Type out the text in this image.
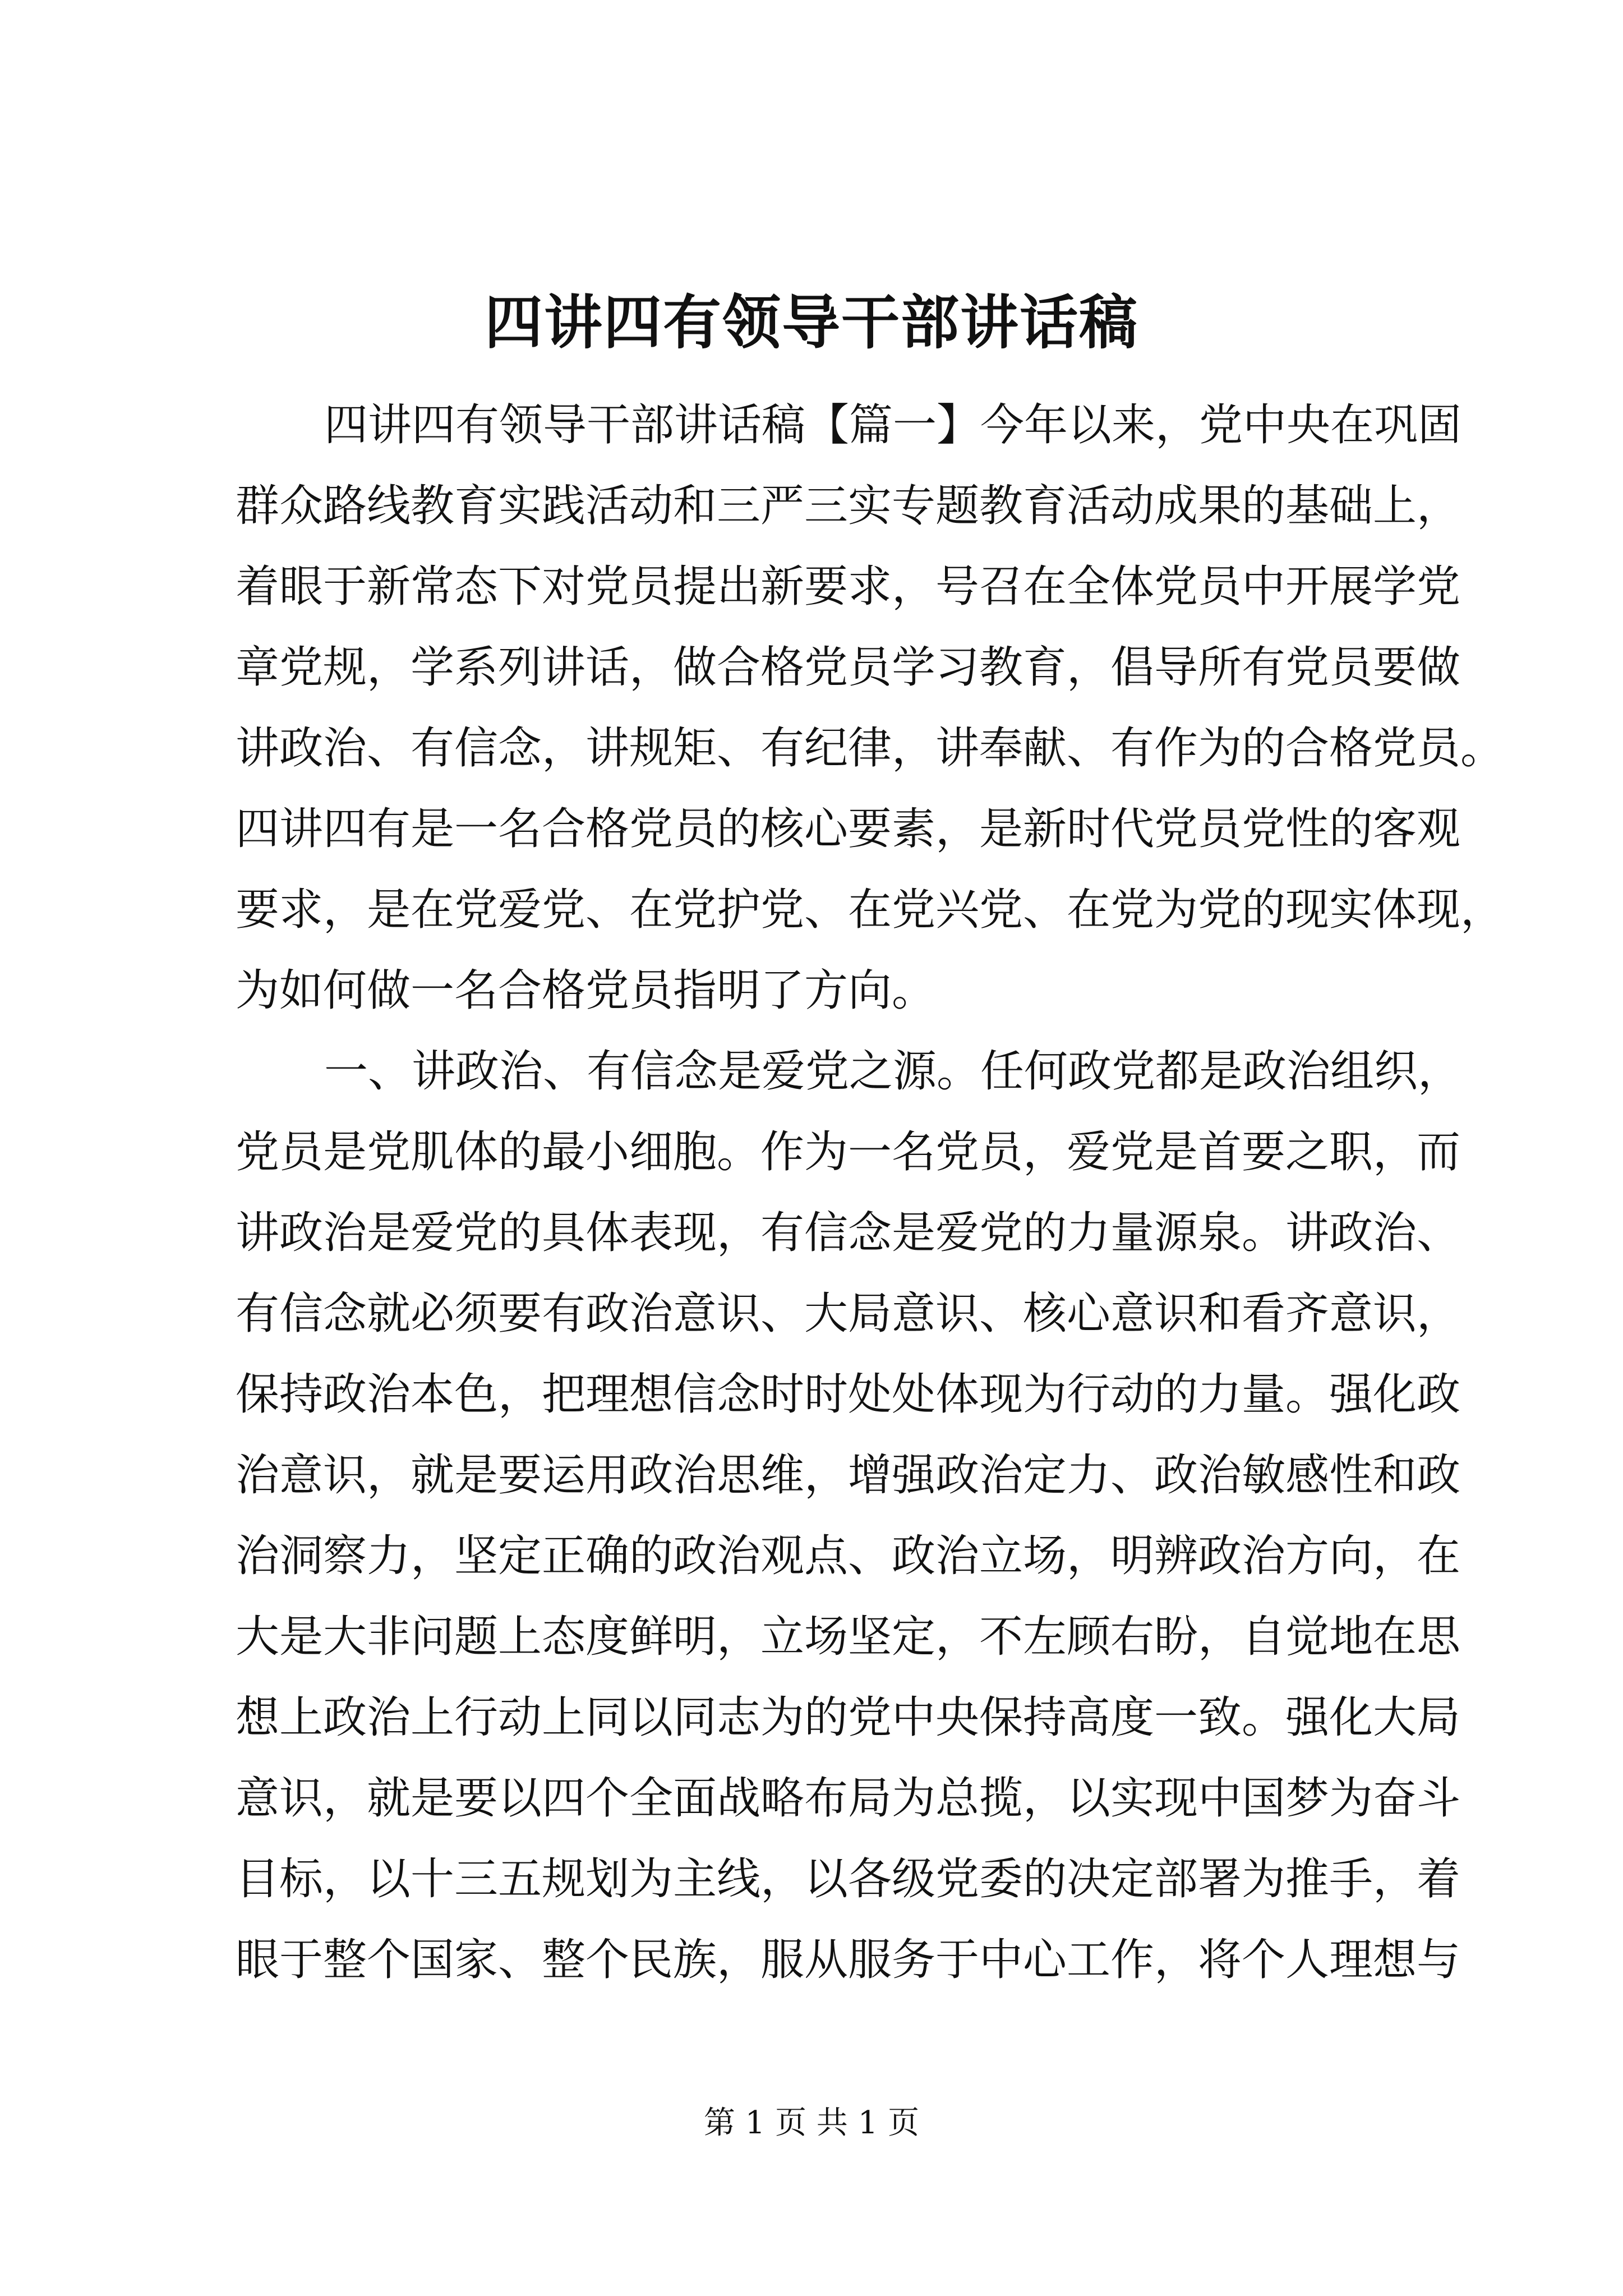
四讲四有领导干部讲话稿
四讲四有领导干部讲话稿【篇一】今年以来，党中央在巩固
群众路线教育实践活动和三严三实专题教育活动成果的基础上，
着眼于新常态下对党员提出新要求，号召在全体党员中开展学党
章党规，学系列讲话，做合格党员学习教育，倡导所有党员要做
讲政治、有信念，讲规矩、有纪律，讲奉献、有作为的合格党员。
四讲四有是一名合格党员的核心要素，是新时代党员党性的客观
要求，是在党爱党、在党护党、在党兴党、在党为党的现实体现，
为如何做一名合格党员指明了方向。
一、讲政治、有信念是爱党之源。任何政党都是政治组织，
党员是党肌体的最小细胞。作为一名党员，爱党是首要之职，而
讲政治是爱党的具体表现，有信念是爱党的力量源泉。讲政治、
有信念就必须要有政治意识、大局意识、核心意识和看齐意识，
保持政治本色，把理想信念时时处处体现为行动的力量。强化政
治意识，就是要运用政治思维，增强政治定力、政治敏感性和政
治洞察力，坚定正确的政治观点、政治立场，明辨政治方向，在
大是大非问题上态度鲜明，立场坚定，不左顾右盼，自觉地在思
想上政治上行动上同以同志为的党中央保持高度一致。强化大局
意识，就是要以四个全面战略布局为总揽，以实现中国梦为奋斗
目标，以十三五规划为主线，以各级党委的决定部署为推手，着
眼于整个国家、整个民族，服从服务于中心工作，将个人理想与
第 1 页 共 1 页
